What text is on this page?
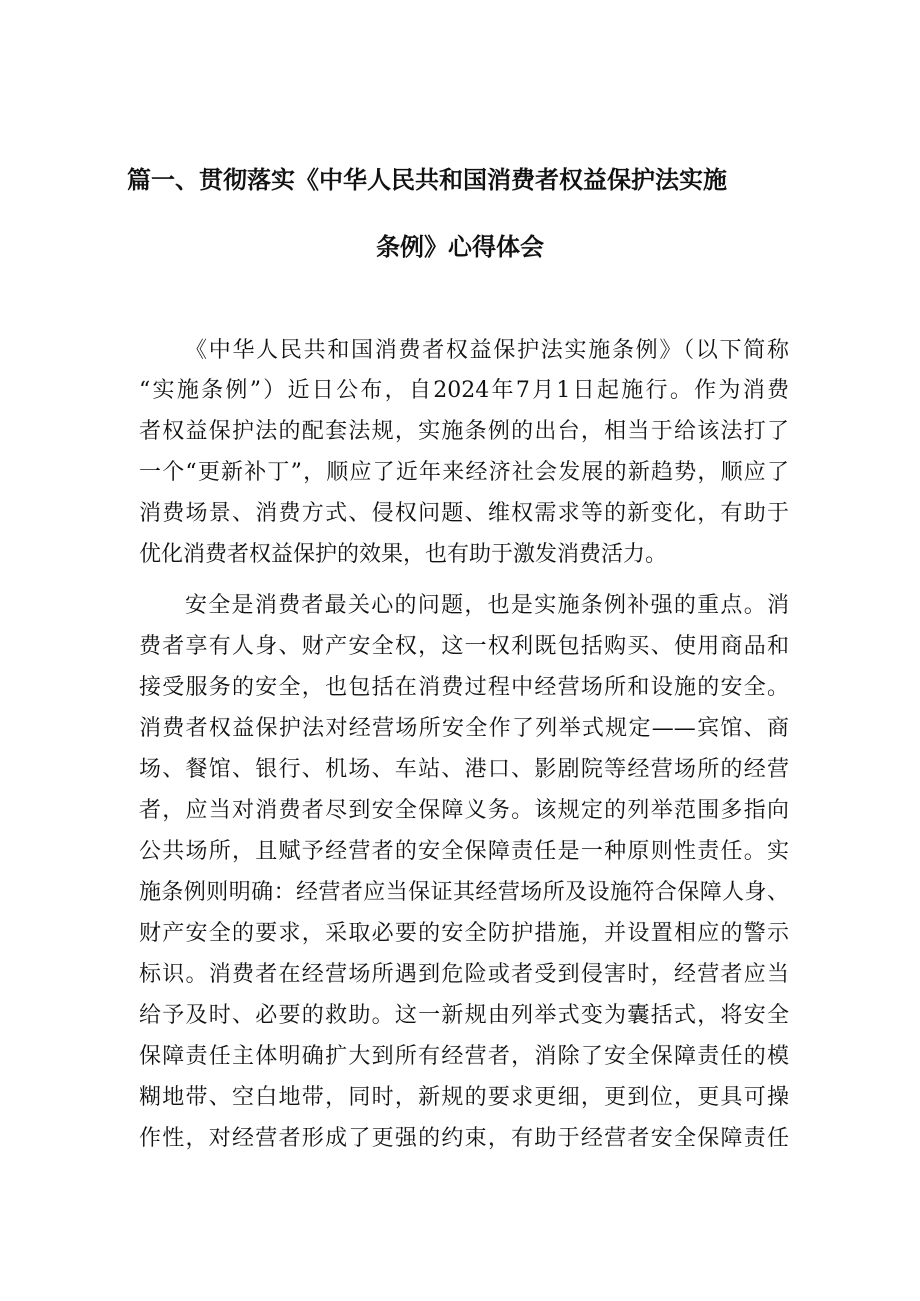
篇一、贯彻落实《中华人民共和国消费者权益保护法实施
条例》心得体会
《中华人民共和国消费者权益保护法实施条例》（以下简称
“实施条例”）近日公布，自2024年7月1日起施行。作为消费
者权益保护法的配套法规，实施条例的出台，相当于给该法打了
一个“更新补丁”，顺应了近年来经济社会发展的新趋势，顺应了
消费场景、消费方式、侵权问题、维权需求等的新变化，有助于
优化消费者权益保护的效果，也有助于激发消费活力。
安全是消费者最关心的问题，也是实施条例补强的重点。消
费者享有人身、财产安全权，这一权利既包括购买、使用商品和
接受服务的安全，也包括在消费过程中经营场所和设施的安全。
消费者权益保护法对经营场所安全作了列举式规定——宾馆、商
场、餐馆、银行、机场、车站、港口、影剧院等经营场所的经营
者，应当对消费者尽到安全保障义务。该规定的列举范围多指向
公共场所，且赋予经营者的安全保障责任是一种原则性责任。实
施条例则明确：经营者应当保证其经营场所及设施符合保障人身、
财产安全的要求，采取必要的安全防护措施，并设置相应的警示
标识。消费者在经营场所遇到危险或者受到侵害时，经营者应当
给予及时、必要的救助。这一新规由列举式变为囊括式，将安全
保障责任主体明确扩大到所有经营者，消除了安全保障责任的模
糊地带、空白地带，同时，新规的要求更细，更到位，更具可操
作性，对经营者形成了更强的约束，有助于经营者安全保障责任
